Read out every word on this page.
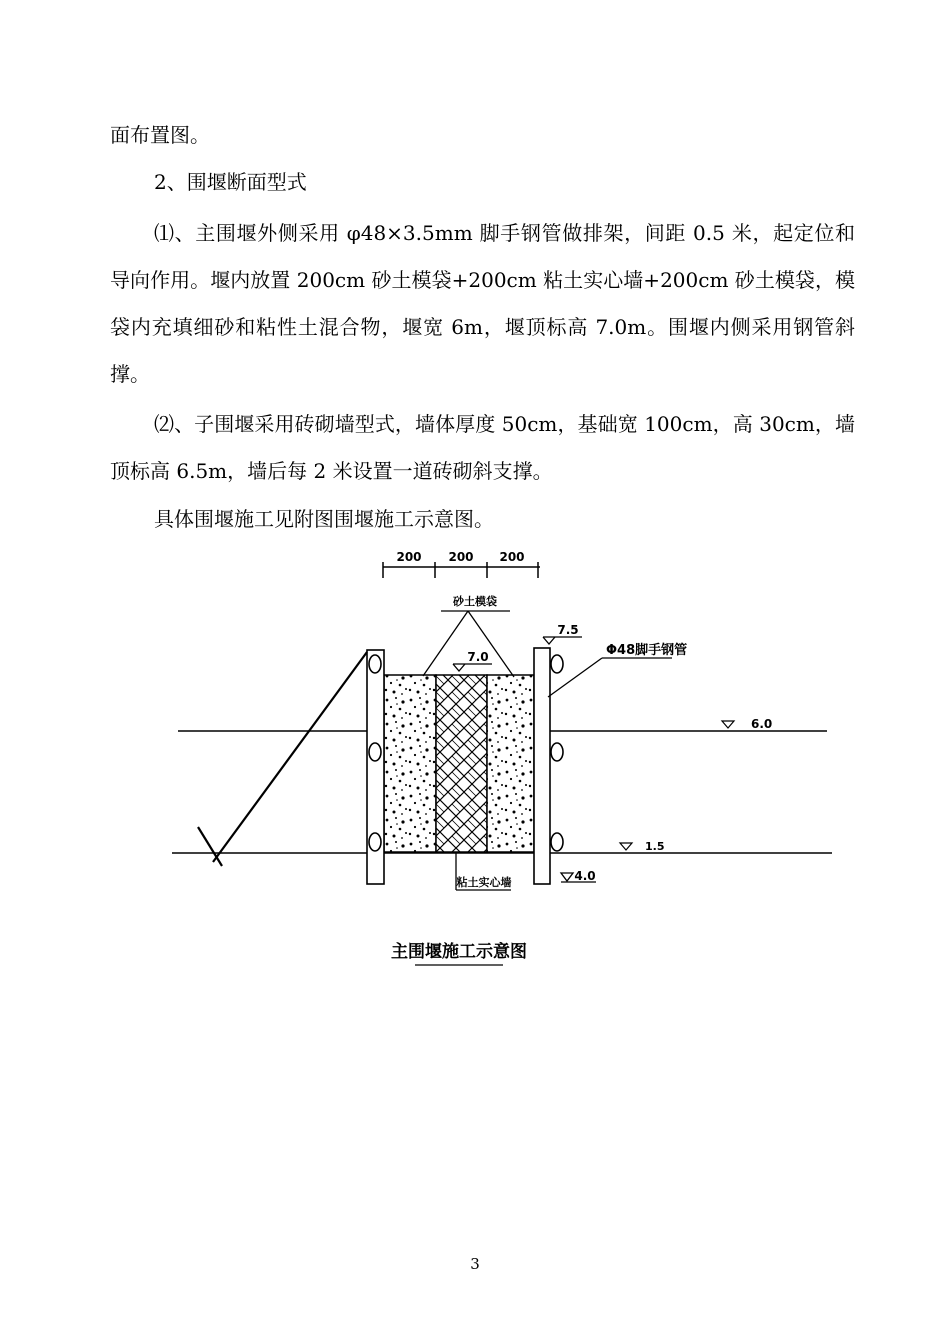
面布置图。

2、围堰断面型式

⑴、主围堰外侧采用 φ48×3.5mm 脚手钢管做排架，间距 0.5 米，起定位和导向作用。堰内放置 200cm 砂土模袋+200cm 粘土实心墙+200cm 砂土模袋，模袋内充填细砂和粘性土混合物，堰宽 6m，堰顶标高 7.0m。围堰内侧采用钢管斜撑。

⑵、子围堰采用砖砌墙型式，墙体厚度 50cm，基础宽 100cm，高 30cm，墙顶标高 6.5m，墙后每 2 米设置一道砖砌斜支撑。

具体围堰施工见附图围堰施工示意图。

200 200 200
砂土模袋
7.0
7.5
Φ48脚手钢管
6.0
1.5
4.0
粘土实心墙
主围堰施工示意图
3
